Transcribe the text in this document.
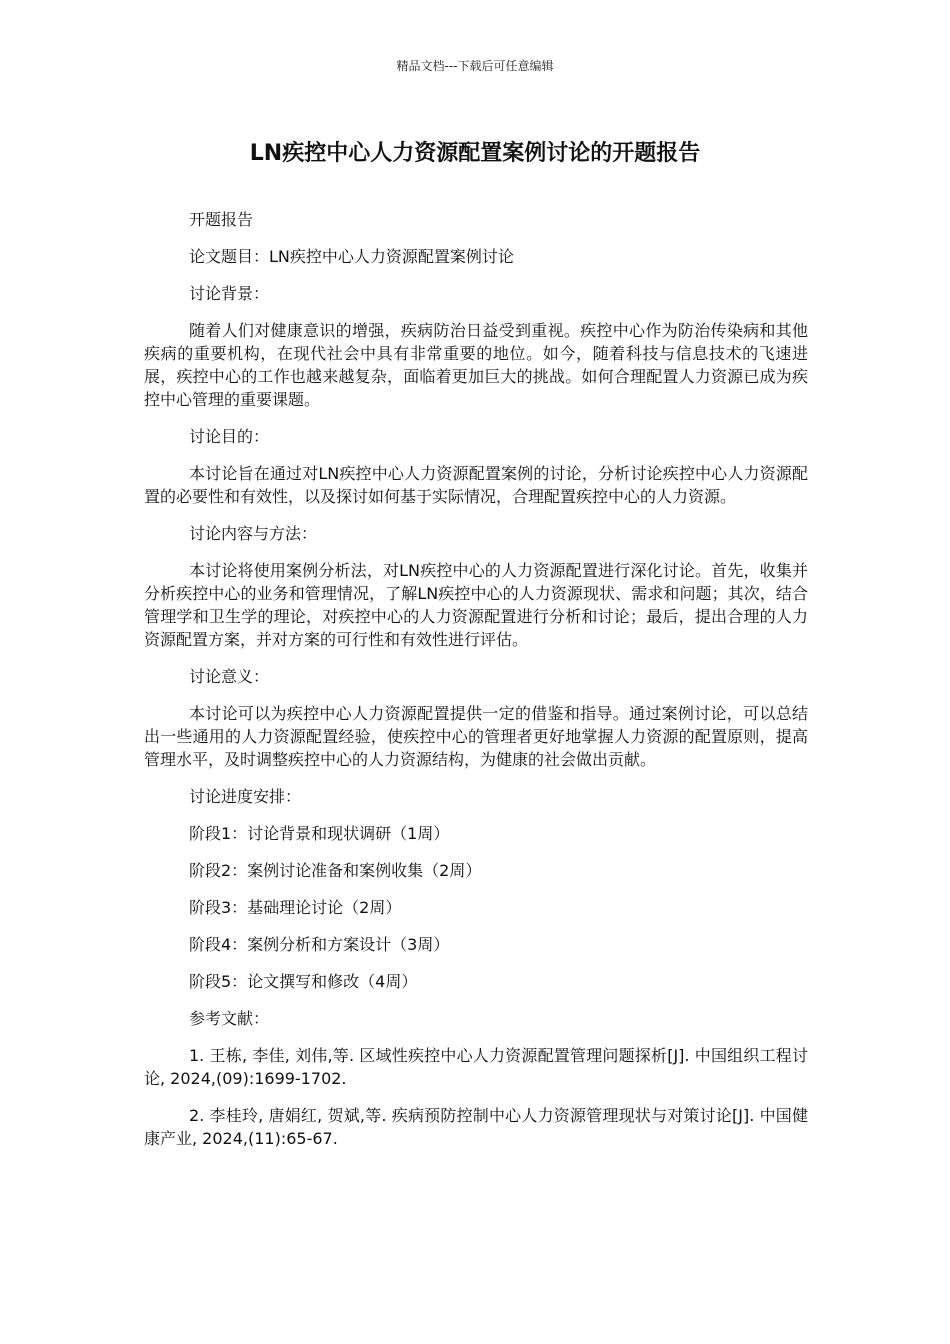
精品文档---下载后可任意编辑
LN疾控中心人力资源配置案例讨论的开题报告

开题报告

论文题目：LN疾控中心人力资源配置案例讨论

讨论背景：

随着人们对健康意识的增强，疾病防治日益受到重视。疾控中心作为防治传染病和其他疾病的重要机构，在现代社会中具有非常重要的地位。如今，随着科技与信息技术的飞速进展，疾控中心的工作也越来越复杂，面临着更加巨大的挑战。如何合理配置人力资源已成为疾控中心管理的重要课题。

讨论目的：

本讨论旨在通过对LN疾控中心人力资源配置案例的讨论，分析讨论疾控中心人力资源配置的必要性和有效性，以及探讨如何基于实际情况，合理配置疾控中心的人力资源。

讨论内容与方法：

本讨论将使用案例分析法，对LN疾控中心的人力资源配置进行深化讨论。首先，收集并分析疾控中心的业务和管理情况，了解LN疾控中心的人力资源现状、需求和问题；其次，结合管理学和卫生学的理论，对疾控中心的人力资源配置进行分析和讨论；最后，提出合理的人力资源配置方案，并对方案的可行性和有效性进行评估。

讨论意义：

本讨论可以为疾控中心人力资源配置提供一定的借鉴和指导。通过案例讨论，可以总结出一些通用的人力资源配置经验，使疾控中心的管理者更好地掌握人力资源的配置原则，提高管理水平，及时调整疾控中心的人力资源结构，为健康的社会做出贡献。

讨论进度安排：

阶段1：讨论背景和现状调研（1周）

阶段2：案例讨论准备和案例收集（2周）

阶段3：基础理论讨论（2周）

阶段4：案例分析和方案设计（3周）

阶段5：论文撰写和修改（4周）

参考文献：

1. 王栋, 李佳, 刘伟,等. 区域性疾控中心人力资源配置管理问题探析[J]. 中国组织工程讨论, 2024,(09):1699-1702.

2. 李桂玲, 唐娟红, 贺斌,等. 疾病预防控制中心人力资源管理现状与对策讨论[J]. 中国健康产业, 2024,(11):65-67.
